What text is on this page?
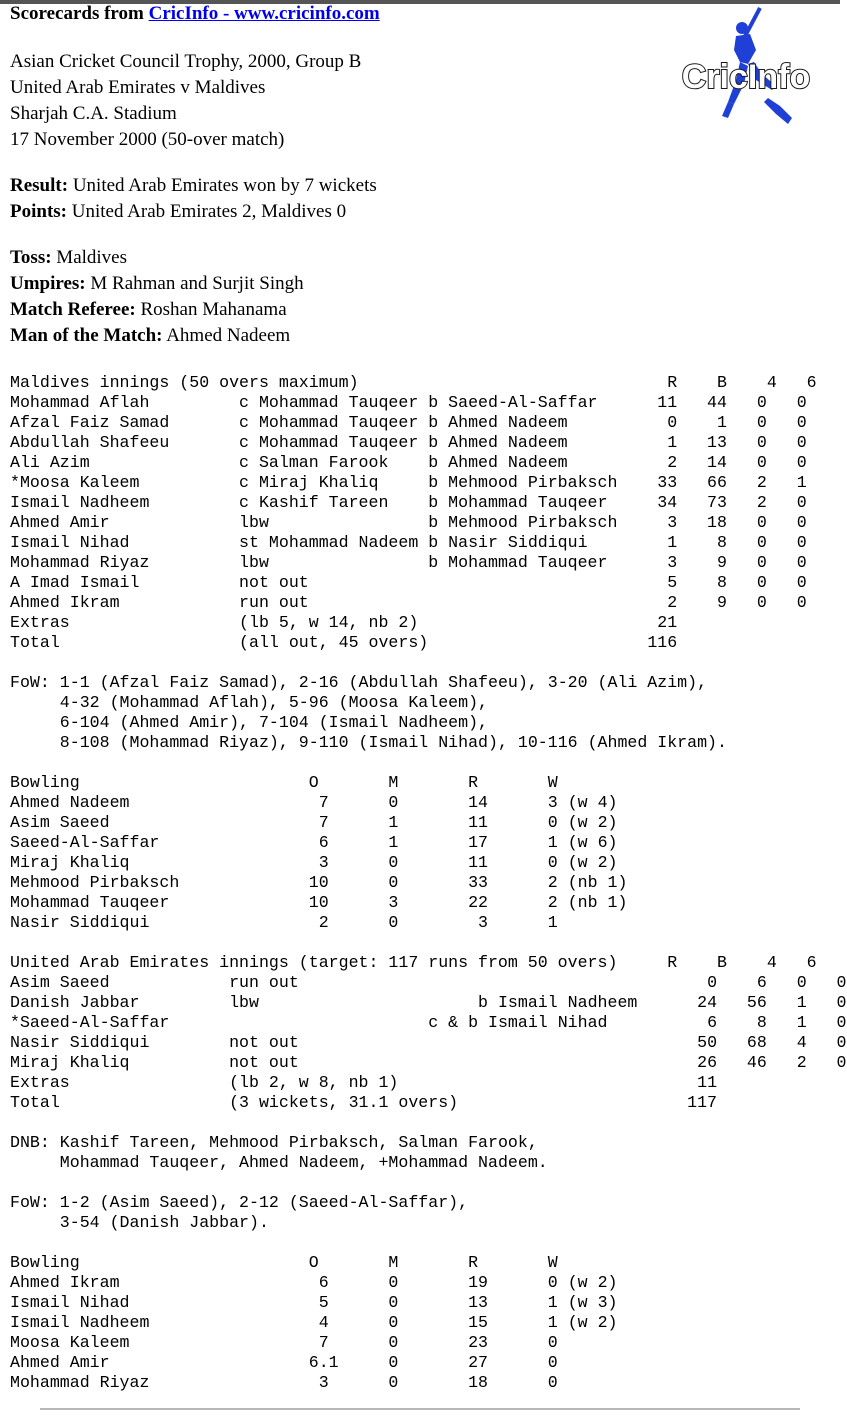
Scorecards from CricInfo - www.cricinfo.com
CricInfo
Asian Cricket Council Trophy, 2000, Group B
United Arab Emirates v Maldives
Sharjah C.A. Stadium
17 November 2000 (50-over match)
Result: United Arab Emirates won by 7 wickets
Points: United Arab Emirates 2, Maldives 0
Toss: Maldives
Umpires: M Rahman and Surjit Singh
Match Referee: Roshan Mahanama
Man of the Match: Ahmed Nadeem
Maldives innings (50 overs maximum)                               R    B    4   6
Mohammad Aflah         c Mohammad Tauqeer b Saeed-Al-Saffar      11   44   0   0
Afzal Faiz Samad       c Mohammad Tauqeer b Ahmed Nadeem          0    1   0   0
Abdullah Shafeeu       c Mohammad Tauqeer b Ahmed Nadeem          1   13   0   0
Ali Azim               c Salman Farook    b Ahmed Nadeem          2   14   0   0
*Moosa Kaleem          c Miraj Khaliq     b Mehmood Pirbaksch    33   66   2   1
Ismail Nadheem         c Kashif Tareen    b Mohammad Tauqeer     34   73   2   0
Ahmed Amir             lbw                b Mehmood Pirbaksch     3   18   0   0
Ismail Nihad           st Mohammad Nadeem b Nasir Siddiqui        1    8   0   0
Mohammad Riyaz         lbw                b Mohammad Tauqeer      3    9   0   0
A Imad Ismail          not out	5    8   0   0
Ahmed Ikram            run out	2    9   0   0
Extras                 (lb 5, w 14, nb 2)                        21
Total                  (all out, 45 overs)                      116

FoW: 1-1 (Afzal Faiz Samad), 2-16 (Abdullah Shafeeu), 3-20 (Ali Azim),
4-32 (Mohammad Aflah), 5-96 (Moosa Kaleem),
6-104 (Ahmed Amir), 7-104 (Ismail Nadheem),
8-108 (Mohammad Riyaz), 9-110 (Ismail Nihad), 10-116 (Ahmed Ikram).

Bowling                       O       M       R       W
Ahmed Nadeem                   7      0       14      3 (w 4)
Asim Saeed                     7      1       11      0 (w 2)
Saeed-Al-Saffar                6      1       17      1 (w 6)
Miraj Khaliq                   3      0       11      0 (w 2)
Mehmood Pirbaksch             10      0       33      2 (nb 1)
Mohammad Tauqeer              10      3       22      2 (nb 1)
Nasir Siddiqui                 2      0        3      1

United Arab Emirates innings (target: 117 runs from 50 overs)     R    B    4   6
Asim Saeed            run out	0    6   0   0
Danish Jabbar         lbw                      b Ismail Nadheem      24   56   1   0
*Saeed-Al-Saffar	c & b Ismail Nihad          6    8   1   0
Nasir Siddiqui        not out	50   68   4   0
Miraj Khaliq          not out	26   46   2   0
Extras                (lb 2, w 8, nb 1)                              11
Total                 (3 wickets, 31.1 overs)                       117

DNB: Kashif Tareen, Mehmood Pirbaksch, Salman Farook,
Mohammad Tauqeer, Ahmed Nadeem, +Mohammad Nadeem.

FoW: 1-2 (Asim Saeed), 2-12 (Saeed-Al-Saffar),
3-54 (Danish Jabbar).

Bowling                       O       M       R       W
Ahmed Ikram                    6      0       19      0 (w 2)
Ismail Nihad                   5      0       13      1 (w 3)
Ismail Nadheem                 4      0       15      1 (w 2)
Moosa Kaleem                   7      0       23      0
Ahmed Amir                    6.1     0       27      0
Mohammad Riyaz                 3      0       18      0
